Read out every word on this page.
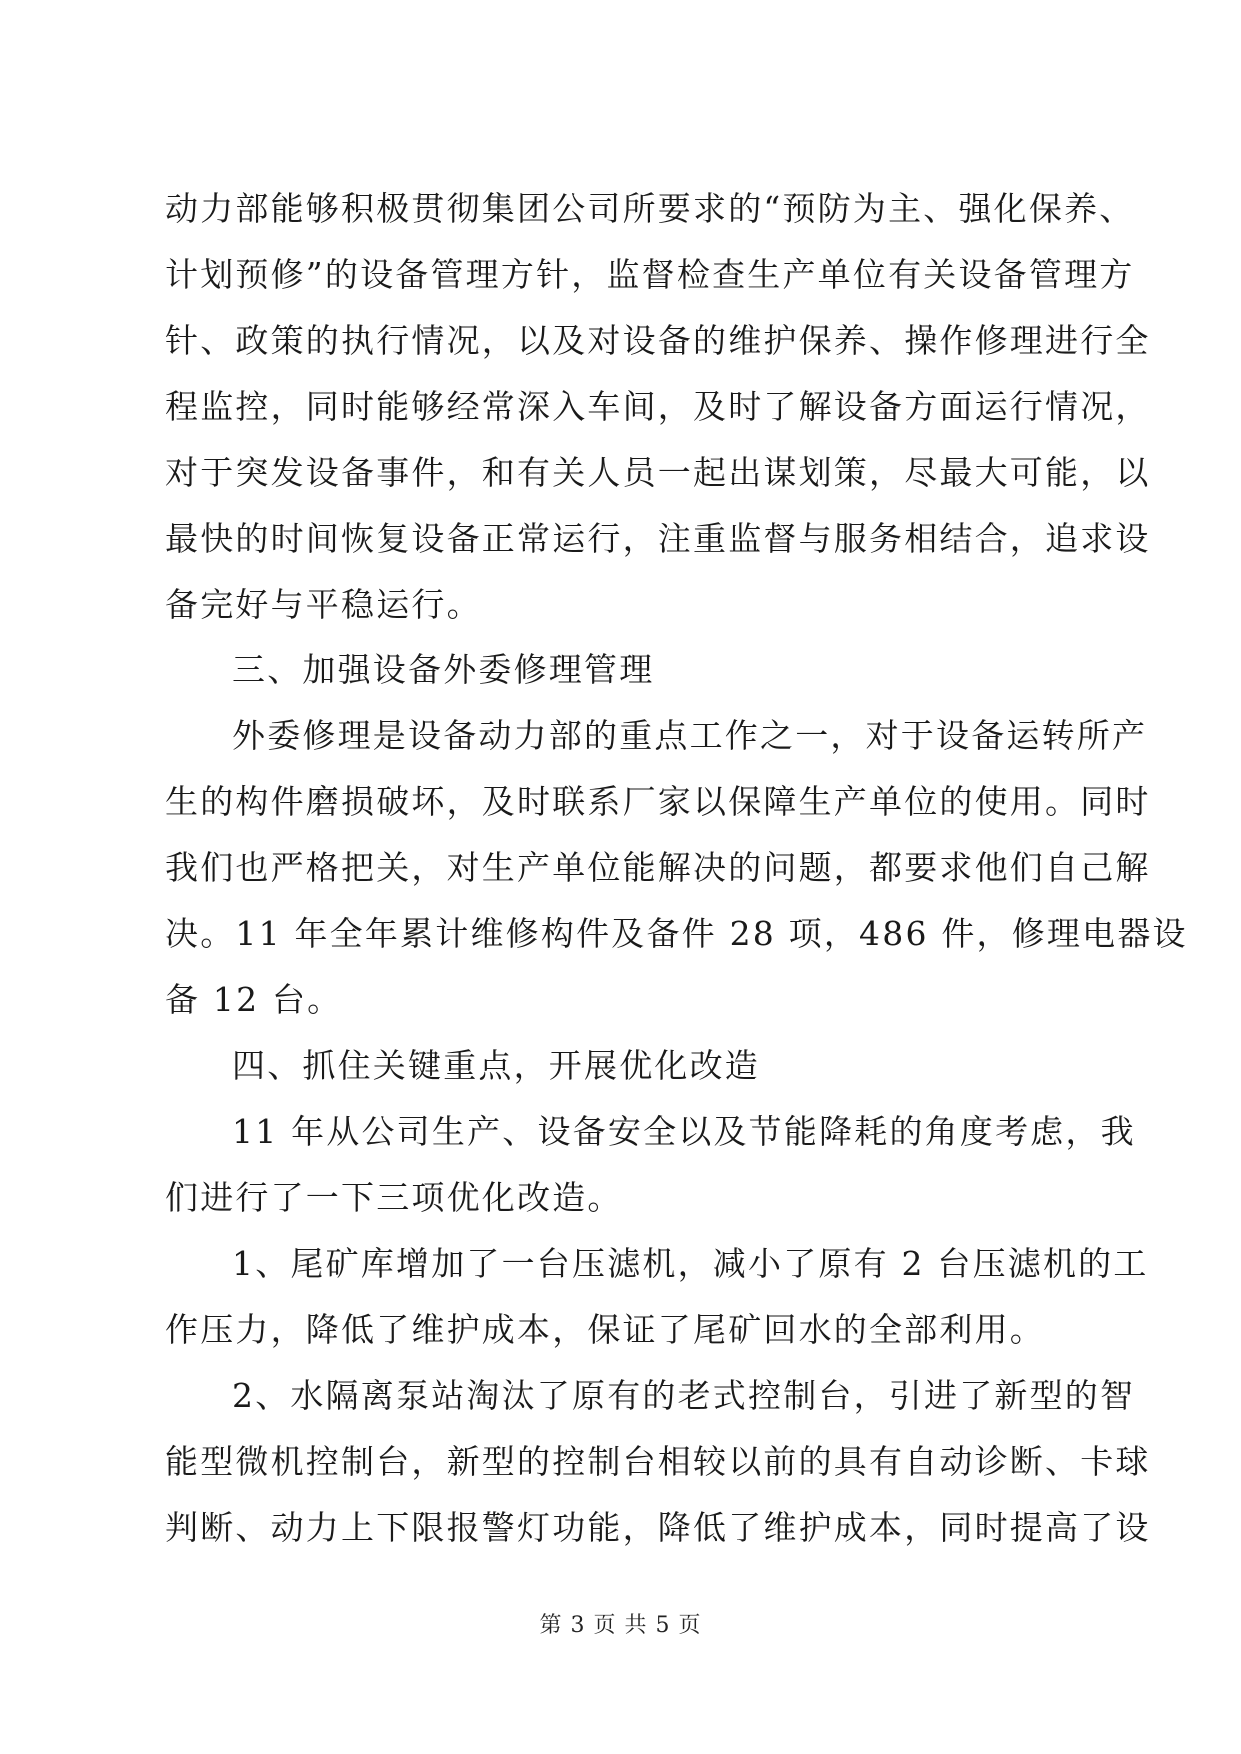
动力部能够积极贯彻集团公司所要求的“预防为主、强化保养、
计划预修”的设备管理方针，监督检查生产单位有关设备管理方
针、政策的执行情况，以及对设备的维护保养、操作修理进行全
程监控，同时能够经常深入车间，及时了解设备方面运行情况，
对于突发设备事件，和有关人员一起出谋划策，尽最大可能，以
最快的时间恢复设备正常运行，注重监督与服务相结合，追求设
备完好与平稳运行。
三、加强设备外委修理管理
外委修理是设备动力部的重点工作之一，对于设备运转所产
生的构件磨损破坏，及时联系厂家以保障生产单位的使用。同时
我们也严格把关，对生产单位能解决的问题，都要求他们自己解
决。11 年全年累计维修构件及备件 28 项，486 件，修理电器设
备 12 台。
四、抓住关键重点，开展优化改造
11 年从公司生产、设备安全以及节能降耗的角度考虑，我
们进行了一下三项优化改造。
1、尾矿库增加了一台压滤机，减小了原有 2 台压滤机的工
作压力，降低了维护成本，保证了尾矿回水的全部利用。
2、水隔离泵站淘汰了原有的老式控制台，引进了新型的智
能型微机控制台，新型的控制台相较以前的具有自动诊断、卡球
判断、动力上下限报警灯功能，降低了维护成本，同时提高了设
第 3 页 共 5 页
